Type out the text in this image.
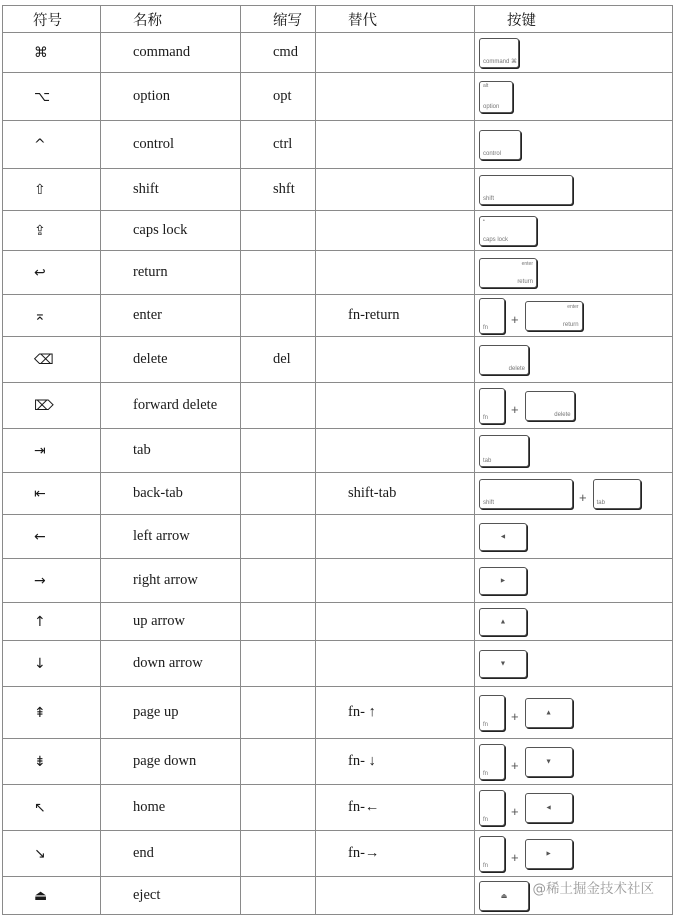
符号	名称	缩写	替代	按键
⌘	command	cmd		command ⌘

⌥	option	opt		alt
option

^	control	ctrl		control

⇧	shift	shft		shift

⇪	caps lock			•
caps lock

↩	return			enter
return

⌅	enter		fn-return	fn
+
enter
return

⌫	delete	del		delete

⌦	forward delete			fn
+ delete

⇥	tab			tab

⇤	back-tab		shift-tab	shift + tab

←	left arrow			◄

→	right arrow			►

↑	up arrow			▲

↓	down arrow			▼

⇞	page up		fn- ↑	fn
+ ▲

⇟	page down		fn- ↓	fn
+ ▼

↖	home		fn-←	fn
+ ◄

↘	end		fn-→	fn
+ ►

⏏	eject			⏏	@稀土掘金技术社区
